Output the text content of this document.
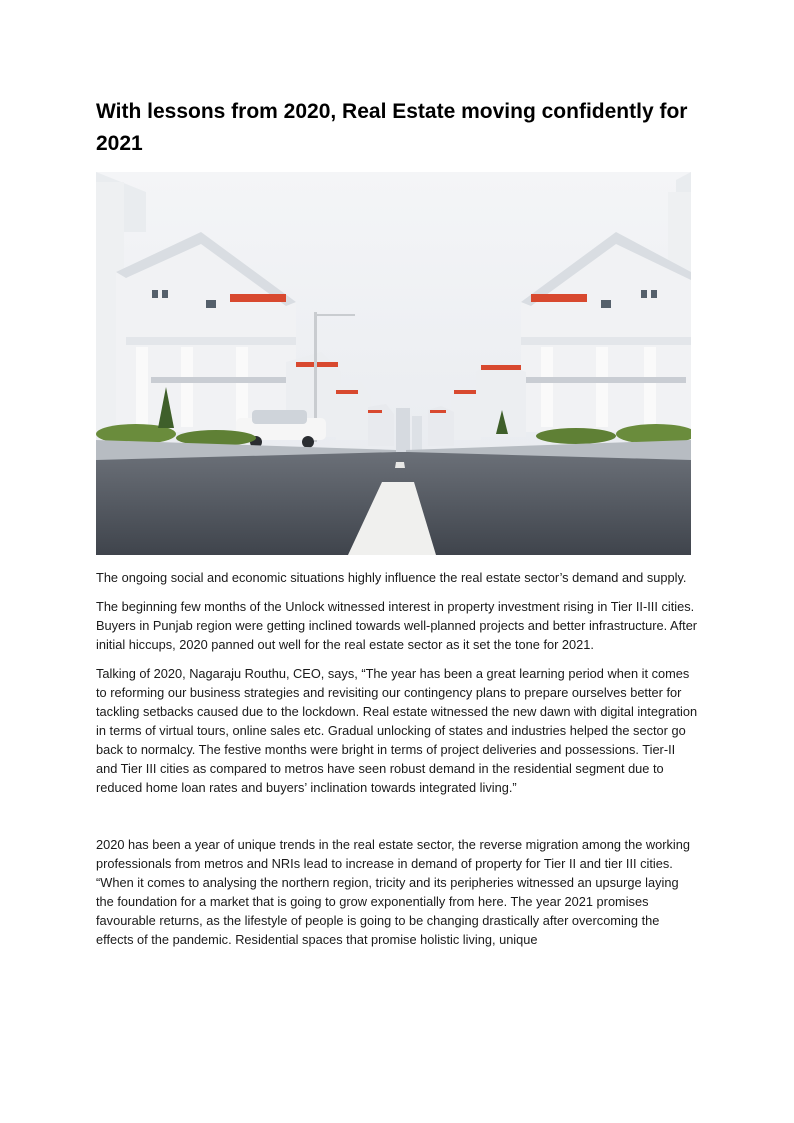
With lessons from 2020, Real Estate moving confidently for 2021

The ongoing social and economic situations highly influence the real estate sector’s demand and supply.

The beginning few months of the Unlock witnessed interest in property investment rising in Tier II-III cities. Buyers in Punjab region were getting inclined towards well-planned projects and better infrastructure. After initial hiccups, 2020 panned out well for the real estate sector as it set the tone for 2021.

Talking of 2020, Nagaraju Routhu, CEO, says, “The year has been a great learning period when it comes to reforming our business strategies and revisiting our contingency plans to prepare ourselves better for tackling setbacks caused due to the lockdown. Real estate witnessed the new dawn with digital integration in terms of virtual tours, online sales etc. Gradual unlocking of states and industries helped the sector go back to normalcy. The festive months were bright in terms of project deliveries and possessions. Tier-II and Tier III cities as compared to metros have seen robust demand in the residential segment due to reduced home loan rates and buyers’ inclination towards integrated living.”

2020 has been a year of unique trends in the real estate sector, the reverse migration among the working professionals from metros and NRIs lead to increase in demand of property for Tier II and tier III cities. “When it comes to analysing the northern region, tricity and its peripheries witnessed an upsurge laying the foundation for a market that is going to grow exponentially from here. The year 2021 promises favourable returns, as the lifestyle of people is going to be changing drastically after overcoming the effects of the pandemic. Residential spaces that promise holistic living, unique
